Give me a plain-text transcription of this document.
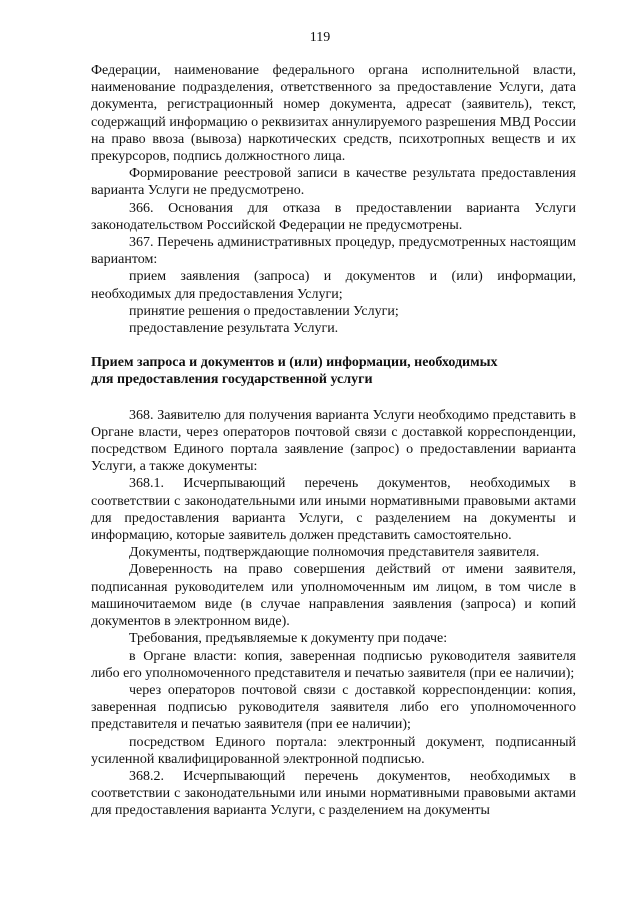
119

Федерации, наименование федерального органа исполнительной власти, наименование подразделения, ответственного за предоставление Услуги, дата документа, регистрационный номер документа, адресат (заявитель), текст, содержащий информацию о реквизитах аннулируемого разрешения МВД России на право ввоза (вывоза) наркотических средств, психотропных веществ и их прекурсоров, подпись должностного лица.

Формирование реестровой записи в качестве результата предоставления варианта Услуги не предусмотрено.

366. Основания для отказа в предоставлении варианта Услуги законодательством Российской Федерации не предусмотрены.

367. Перечень административных процедур, предусмотренных настоящим вариантом:

прием заявления (запроса) и документов и (или) информации, необходимых для предоставления Услуги;

принятие решения о предоставлении Услуги;

предоставление результата Услуги.

Прием запроса и документов и (или) информации, необходимых

для предоставления государственной услуги

368. Заявителю для получения варианта Услуги необходимо представить в Органе власти, через операторов почтовой связи с доставкой корреспонденции, посредством Единого портала заявление (запрос) о предоставлении варианта Услуги, а также документы:

368.1. Исчерпывающий перечень документов, необходимых в соответствии с законодательными или иными нормативными правовыми актами для предоставления варианта Услуги, с разделением на документы и информацию, которые заявитель должен представить самостоятельно.

Документы, подтверждающие полномочия представителя заявителя.

Доверенность на право совершения действий от имени заявителя, подписанная руководителем или уполномоченным им лицом, в том числе в машиночитаемом виде (в случае направления заявления (запроса) и копий документов в электронном виде).

Требования, предъявляемые к документу при подаче:

в Органе власти: копия, заверенная подписью руководителя заявителя либо его уполномоченного представителя и печатью заявителя (при ее наличии);

через операторов почтовой связи с доставкой корреспонденции: копия, заверенная подписью руководителя заявителя либо его уполномоченного представителя и печатью заявителя (при ее наличии);

посредством Единого портала: электронный документ, подписанный усиленной квалифицированной электронной подписью.

368.2. Исчерпывающий перечень документов, необходимых в соответствии с законодательными или иными нормативными правовыми актами для предоставления варианта Услуги, с разделением на документы
